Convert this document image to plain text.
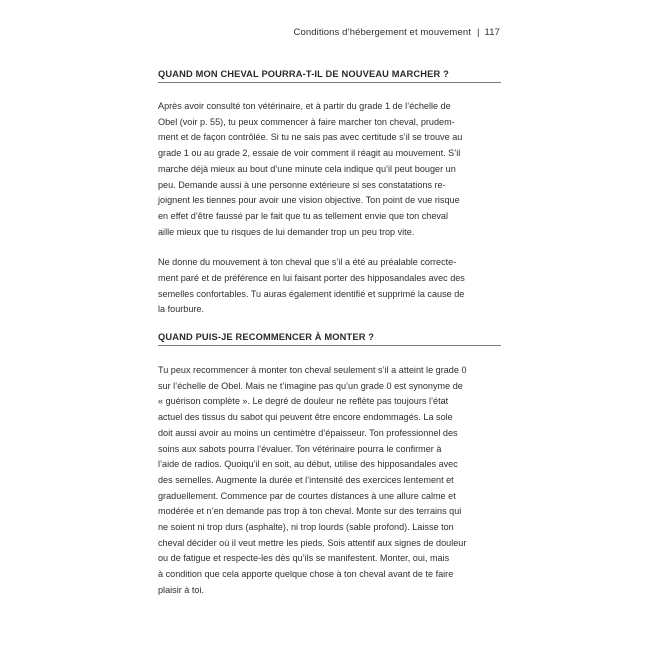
Conditions d’hébergement et mouvement | 117
QUAND MON CHEVAL POURRA-T-IL DE NOUVEAU MARCHER ?

Après avoir consulté ton vétérinaire, et à partir du grade 1 de l’échelle de
Obel (voir p. 55), tu peux commencer à faire marcher ton cheval, prudem-
ment et de façon contrôlée. Si tu ne sais pas avec certitude s’il se trouve au
grade 1 ou au grade 2, essaie de voir comment il réagit au mouvement. S’il
marche déjà mieux au bout d’une minute cela indique qu’il peut bouger un
peu. Demande aussi à une personne extérieure si ses constatations re-
joignent les tiennes pour avoir une vision objective. Ton point de vue risque
en effet d’être faussé par le fait que tu as tellement envie que ton cheval
aille mieux que tu risques de lui demander trop un peu trop vite.

Ne donne du mouvement à ton cheval que s’il a été au préalable correcte-
ment paré et de préférence en lui faisant porter des hipposandales avec des
semelles confortables. Tu auras également identifié et supprimé la cause de
la fourbure.

QUAND PUIS-JE RECOMMENCER À MONTER ?

Tu peux recommencer à monter ton cheval seulement s’il a atteint le grade 0
sur l’échelle de Obel. Mais ne t’imagine pas qu’un grade 0 est synonyme de
« guérison complète ». Le degré de douleur ne reflète pas toujours l’état
actuel des tissus du sabot qui peuvent être encore endommagés. La sole
doit aussi avoir au moins un centimètre d’épaisseur. Ton professionnel des
soins aux sabots pourra l’évaluer. Ton vétérinaire pourra le confirmer à
l’aide de radios. Quoiqu’il en soit, au début, utilise des hipposandales avec
des semelles. Augmente la durée et l’intensité des exercices lentement et
graduellement. Commence par de courtes distances à une allure calme et
modérée et n’en demande pas trop à ton cheval. Monte sur des terrains qui
ne soient ni trop durs (asphalte), ni trop lourds (sable profond). Laisse ton
cheval décider où il veut mettre les pieds. Sois attentif aux signes de douleur
ou de fatigue et respecte-les dès qu’ils se manifestent. Monter, oui, mais
à condition que cela apporte quelque chose à ton cheval avant de te faire
plaisir à toi.
